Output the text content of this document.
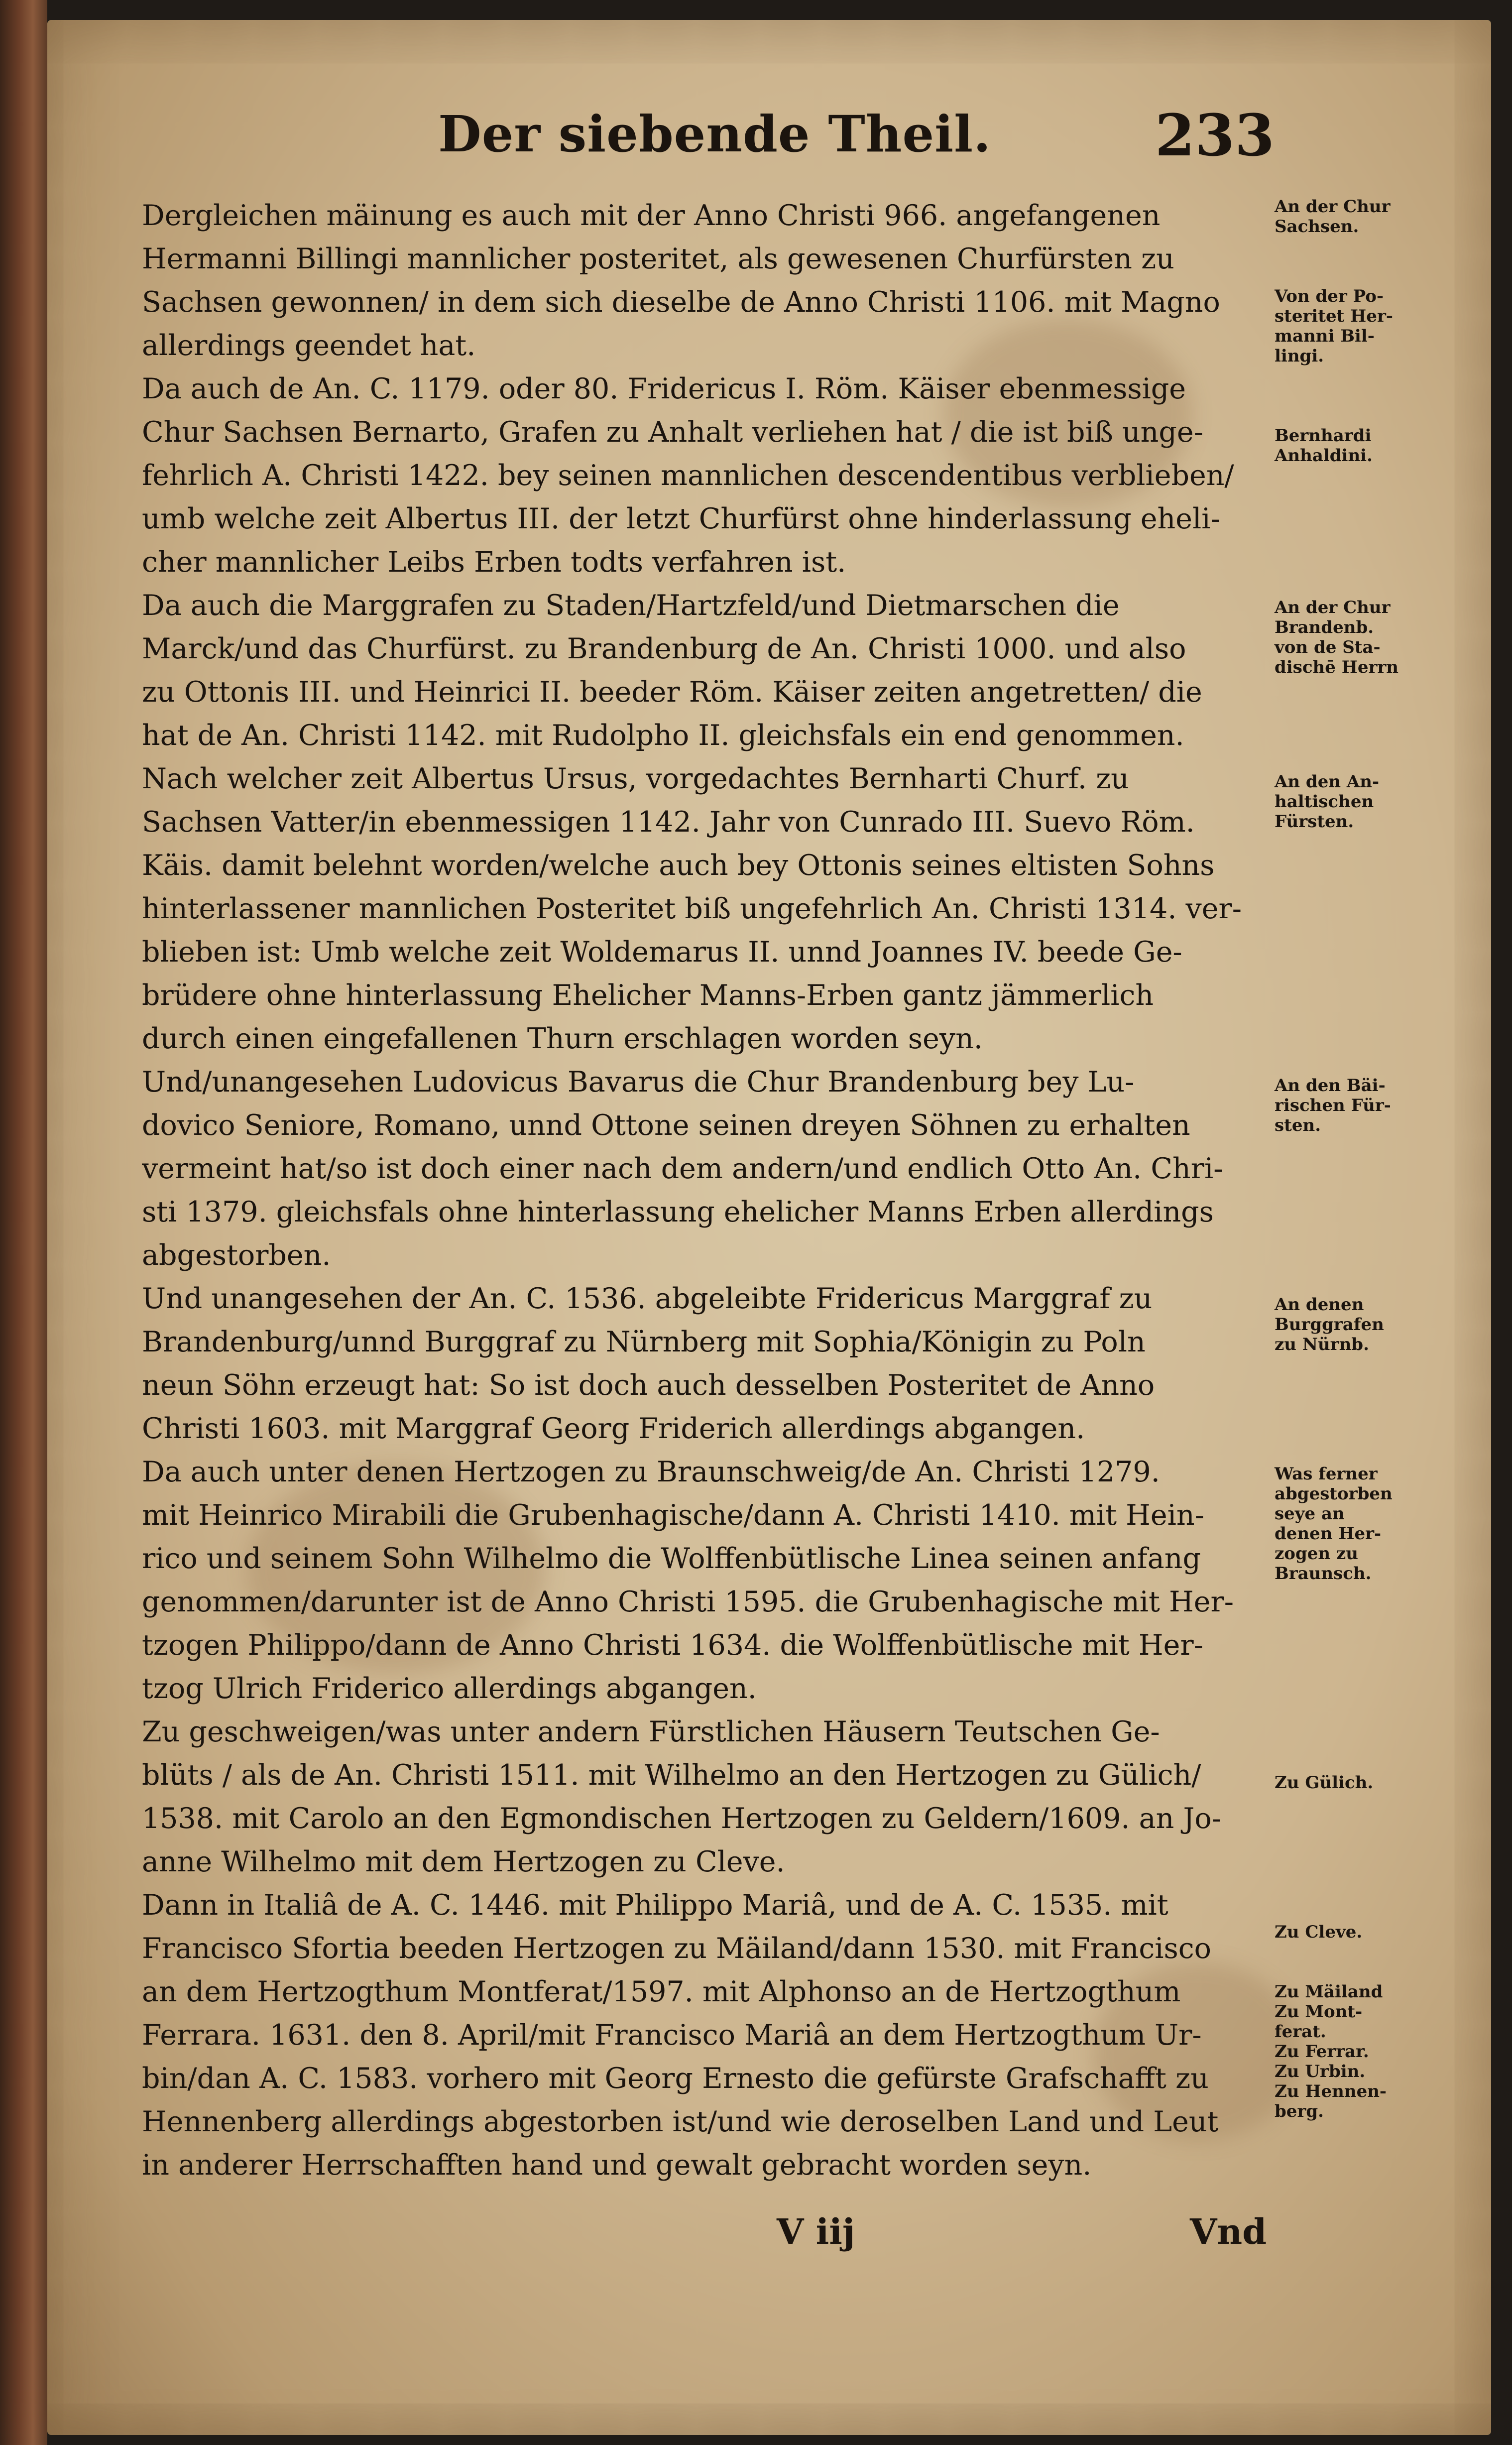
Der siebende Theil.	233
Dergleichen mäinung es auch mit der Anno Christi 966. angefangenen
Hermanni Billingi mannlicher posteritet, als gewesenen Churfürsten zu
Sachsen gewonnen/ in dem sich dieselbe de Anno Christi 1106. mit Magno
allerdings geendet hat.
Da auch de An. C. 1179. oder 80. Fridericus I. Röm. Käiser ebenmessige
Chur Sachsen Bernarto, Grafen zu Anhalt verliehen hat / die ist biß unge-
fehrlich A. Christi 1422. bey seinen mannlichen descendentibus verblieben/
umb welche zeit Albertus III. der letzt Churfürst ohne hinderlassung eheli-
cher mannlicher Leibs Erben todts verfahren ist.
Da auch die Marggrafen zu Staden/Hartzfeld/und Dietmarschen die
Marck/und das Churfürst. zu Brandenburg de An. Christi 1000. und also
zu Ottonis III. und Heinrici II. beeder Röm. Käiser zeiten angetretten/ die
hat de An. Christi 1142. mit Rudolpho II. gleichsfals ein end genommen.
Nach welcher zeit Albertus Ursus, vorgedachtes Bernharti Churf. zu
Sachsen Vatter/in ebenmessigen 1142. Jahr von Cunrado III. Suevo Röm.
Käis. damit belehnt worden/welche auch bey Ottonis seines eltisten Sohns
hinterlassener mannlichen Posteritet biß ungefehrlich An. Christi 1314. ver-
blieben ist: Umb welche zeit Woldemarus II. unnd Joannes IV. beede Ge-
brüdere ohne hinterlassung Ehelicher Manns-Erben gantz jämmerlich
durch einen eingefallenen Thurn erschlagen worden seyn.
Und/unangesehen Ludovicus Bavarus die Chur Brandenburg bey Lu-
dovico Seniore, Romano, unnd Ottone seinen dreyen Söhnen zu erhalten
vermeint hat/so ist doch einer nach dem andern/und endlich Otto An. Chri-
sti 1379. gleichsfals ohne hinterlassung ehelicher Manns Erben allerdings
abgestorben.
Und unangesehen der An. C. 1536. abgeleibte Fridericus Marggraf zu
Brandenburg/unnd Burggraf zu Nürnberg mit Sophia/Königin zu Poln
neun Söhn erzeugt hat: So ist doch auch desselben Posteritet de Anno
Christi 1603. mit Marggraf Georg Friderich allerdings abgangen.
Da auch unter denen Hertzogen zu Braunschweig/de An. Christi 1279.
mit Heinrico Mirabili die Grubenhagische/dann A. Christi 1410. mit Hein-
rico und seinem Sohn Wilhelmo die Wolffenbütlische Linea seinen anfang
genommen/darunter ist de Anno Christi 1595. die Grubenhagische mit Her-
tzogen Philippo/dann de Anno Christi 1634. die Wolffenbütlische mit Her-
tzog Ulrich Friderico allerdings abgangen.
Zu geschweigen/was unter andern Fürstlichen Häusern Teutschen Ge-
blüts / als de An. Christi 1511. mit Wilhelmo an den Hertzogen zu Gülich/
1538. mit Carolo an den Egmondischen Hertzogen zu Geldern/1609. an Jo-
anne Wilhelmo mit dem Hertzogen zu Cleve.
Dann in Italiâ de A. C. 1446. mit Philippo Mariâ, und de A. C. 1535. mit
Francisco Sfortia beeden Hertzogen zu Mäiland/dann 1530. mit Francisco
an dem Hertzogthum Montferat/1597. mit Alphonso an de Hertzogthum
Ferrara. 1631. den 8. April/mit Francisco Mariâ an dem Hertzogthum Ur-
bin/dan A. C. 1583. vorhero mit Georg Ernesto die gefürste Grafschafft zu
Hennenberg allerdings abgestorben ist/und wie deroselben Land und Leut
in anderer Herrschafften hand und gewalt gebracht worden seyn.
An der Chur
Sachsen.
Von der Po-
steritet Her-
manni Bil-
lingi.
Bernhardi
Anhaldini.
An der Chur
Brandenb.
von de Sta-
dischē Herrn
An den An-
haltischen
Fürsten.
An den Bäi-
rischen Für-
sten.
An denen
Burggrafen
zu Nürnb.
Was ferner
abgestorben
seye an
denen Her-
zogen zu
Braunsch.
Zu Gülich.
Zu Cleve.
Zu Mäiland
Zu Mont-
ferat.
Zu Ferrar.
Zu Urbin.
Zu Hennen-
berg.
V iij	Vnd
